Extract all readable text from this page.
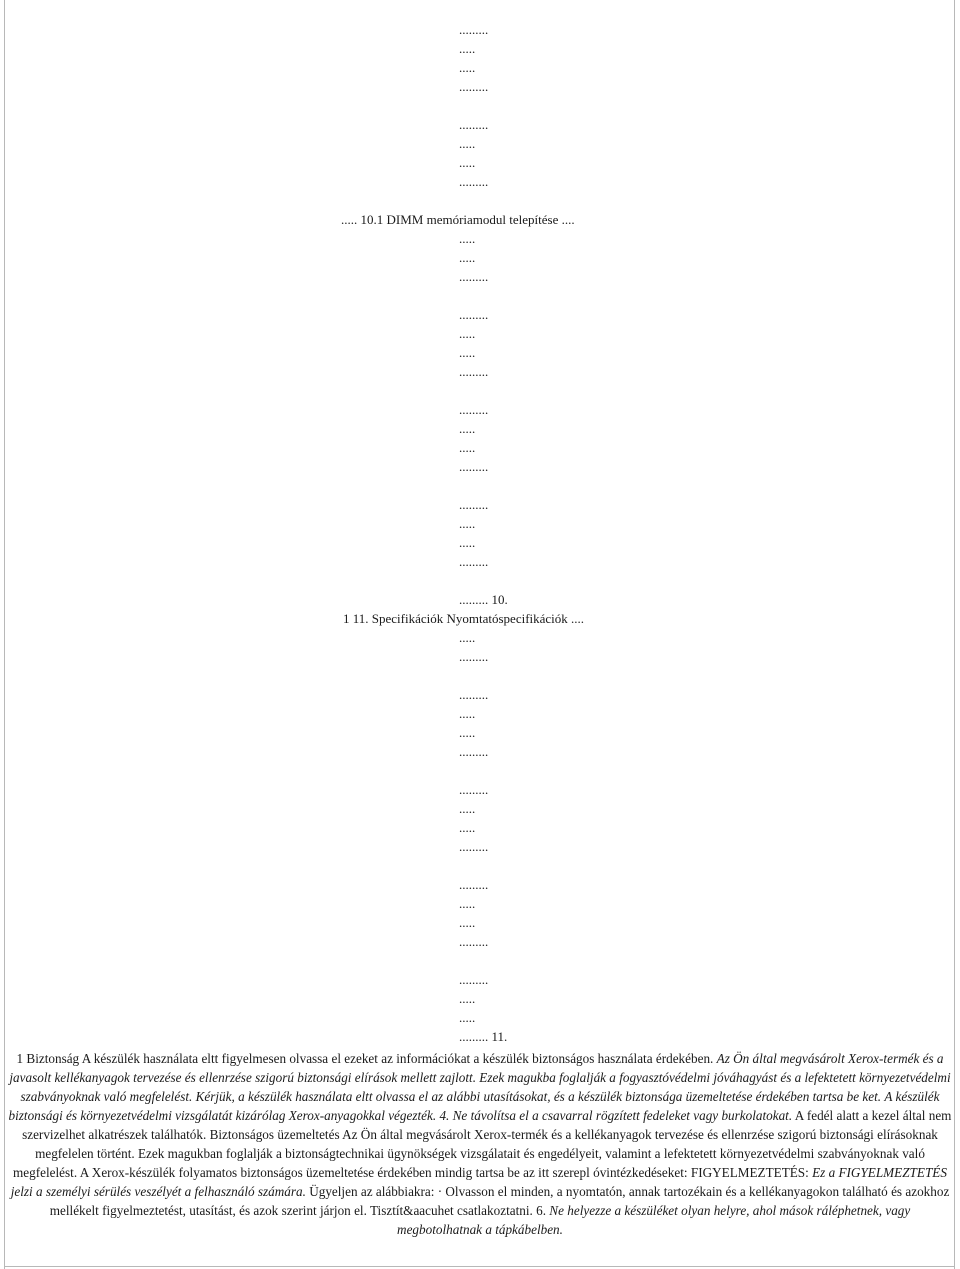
.........
.....
.....
.........
.........
.....
.....
.........
..... 10.1 DIMM memóriamodul telepítése ....
.....
.....
.........
.........
.....
.....
.........
.........
.....
.....
.........
.........
.....
.....
.........
......... 10.
1 11. Specifikációk Nyomtatóspecifikációk ....
.....
.........
.........
.....
.....
.........
.........
.....
.....
.........
.........
.....
.....
.........
.........
.....
.....
......... 11.
1 Biztonság A készülék használata eltt figyelmesen olvassa el ezeket az információkat a készülék biztonságos használata érdekében. Az Ön által megvásárolt Xerox-termék és a javasolt kellékanyagok tervezése és ellenrzése szigorú biztonsági elírások mellett zajlott. Ezek magukba foglalják a fogyasztóvédelmi jóváhagyást és a lefektetett környezetvédelmi szabványoknak való megfelelést. Kérjük, a készülék használata eltt olvassa el az alábbi utasításokat, és a készülék biztonsága üzemeltetése érdekében tartsa be ket. A készülék biztonsági és környezetvédelmi vizsgálatát kizárólag Xerox-anyagokkal végezték. 4. Ne távolítsa el a csavarral rögzített fedeleket vagy burkolatokat. A fedél alatt a kezel által nem szervizelhet alkatrészek találhatók. Biztonságos üzemeltetés Az Ön által megvásárolt Xerox-termék és a kellékanyagok tervezése és ellenrzése szigorú biztonsági elírásoknak megfelelen történt. Ezek magukban foglalják a biztonságtechnikai ügynökségek vizsgálatait és engedélyeit, valamint a lefektetett környezetvédelmi szabványoknak való megfelelést. A Xerox-készülék folyamatos biztonságos üzemeltetése érdekében mindig tartsa be az itt szerepl óvintézkedéseket: FIGYELMEZTETÉS: Ez a FIGYELMEZTETÉS jelzi a személyi sérülés veszélyét a felhasználó számára. Ügyeljen az alábbiakra: · Olvasson el minden, a nyomtatón, annak tartozékain és a kellékanyagokon található és azokhoz mellékelt figyelmeztetést, utasítást, és azok szerint járjon el. Tisztít&aacuhet csatlakoztatni. 6. Ne helyezze a készüléket olyan helyre, ahol mások ráléphetnek, vagy megbotolhatnak a tápkábelben.
